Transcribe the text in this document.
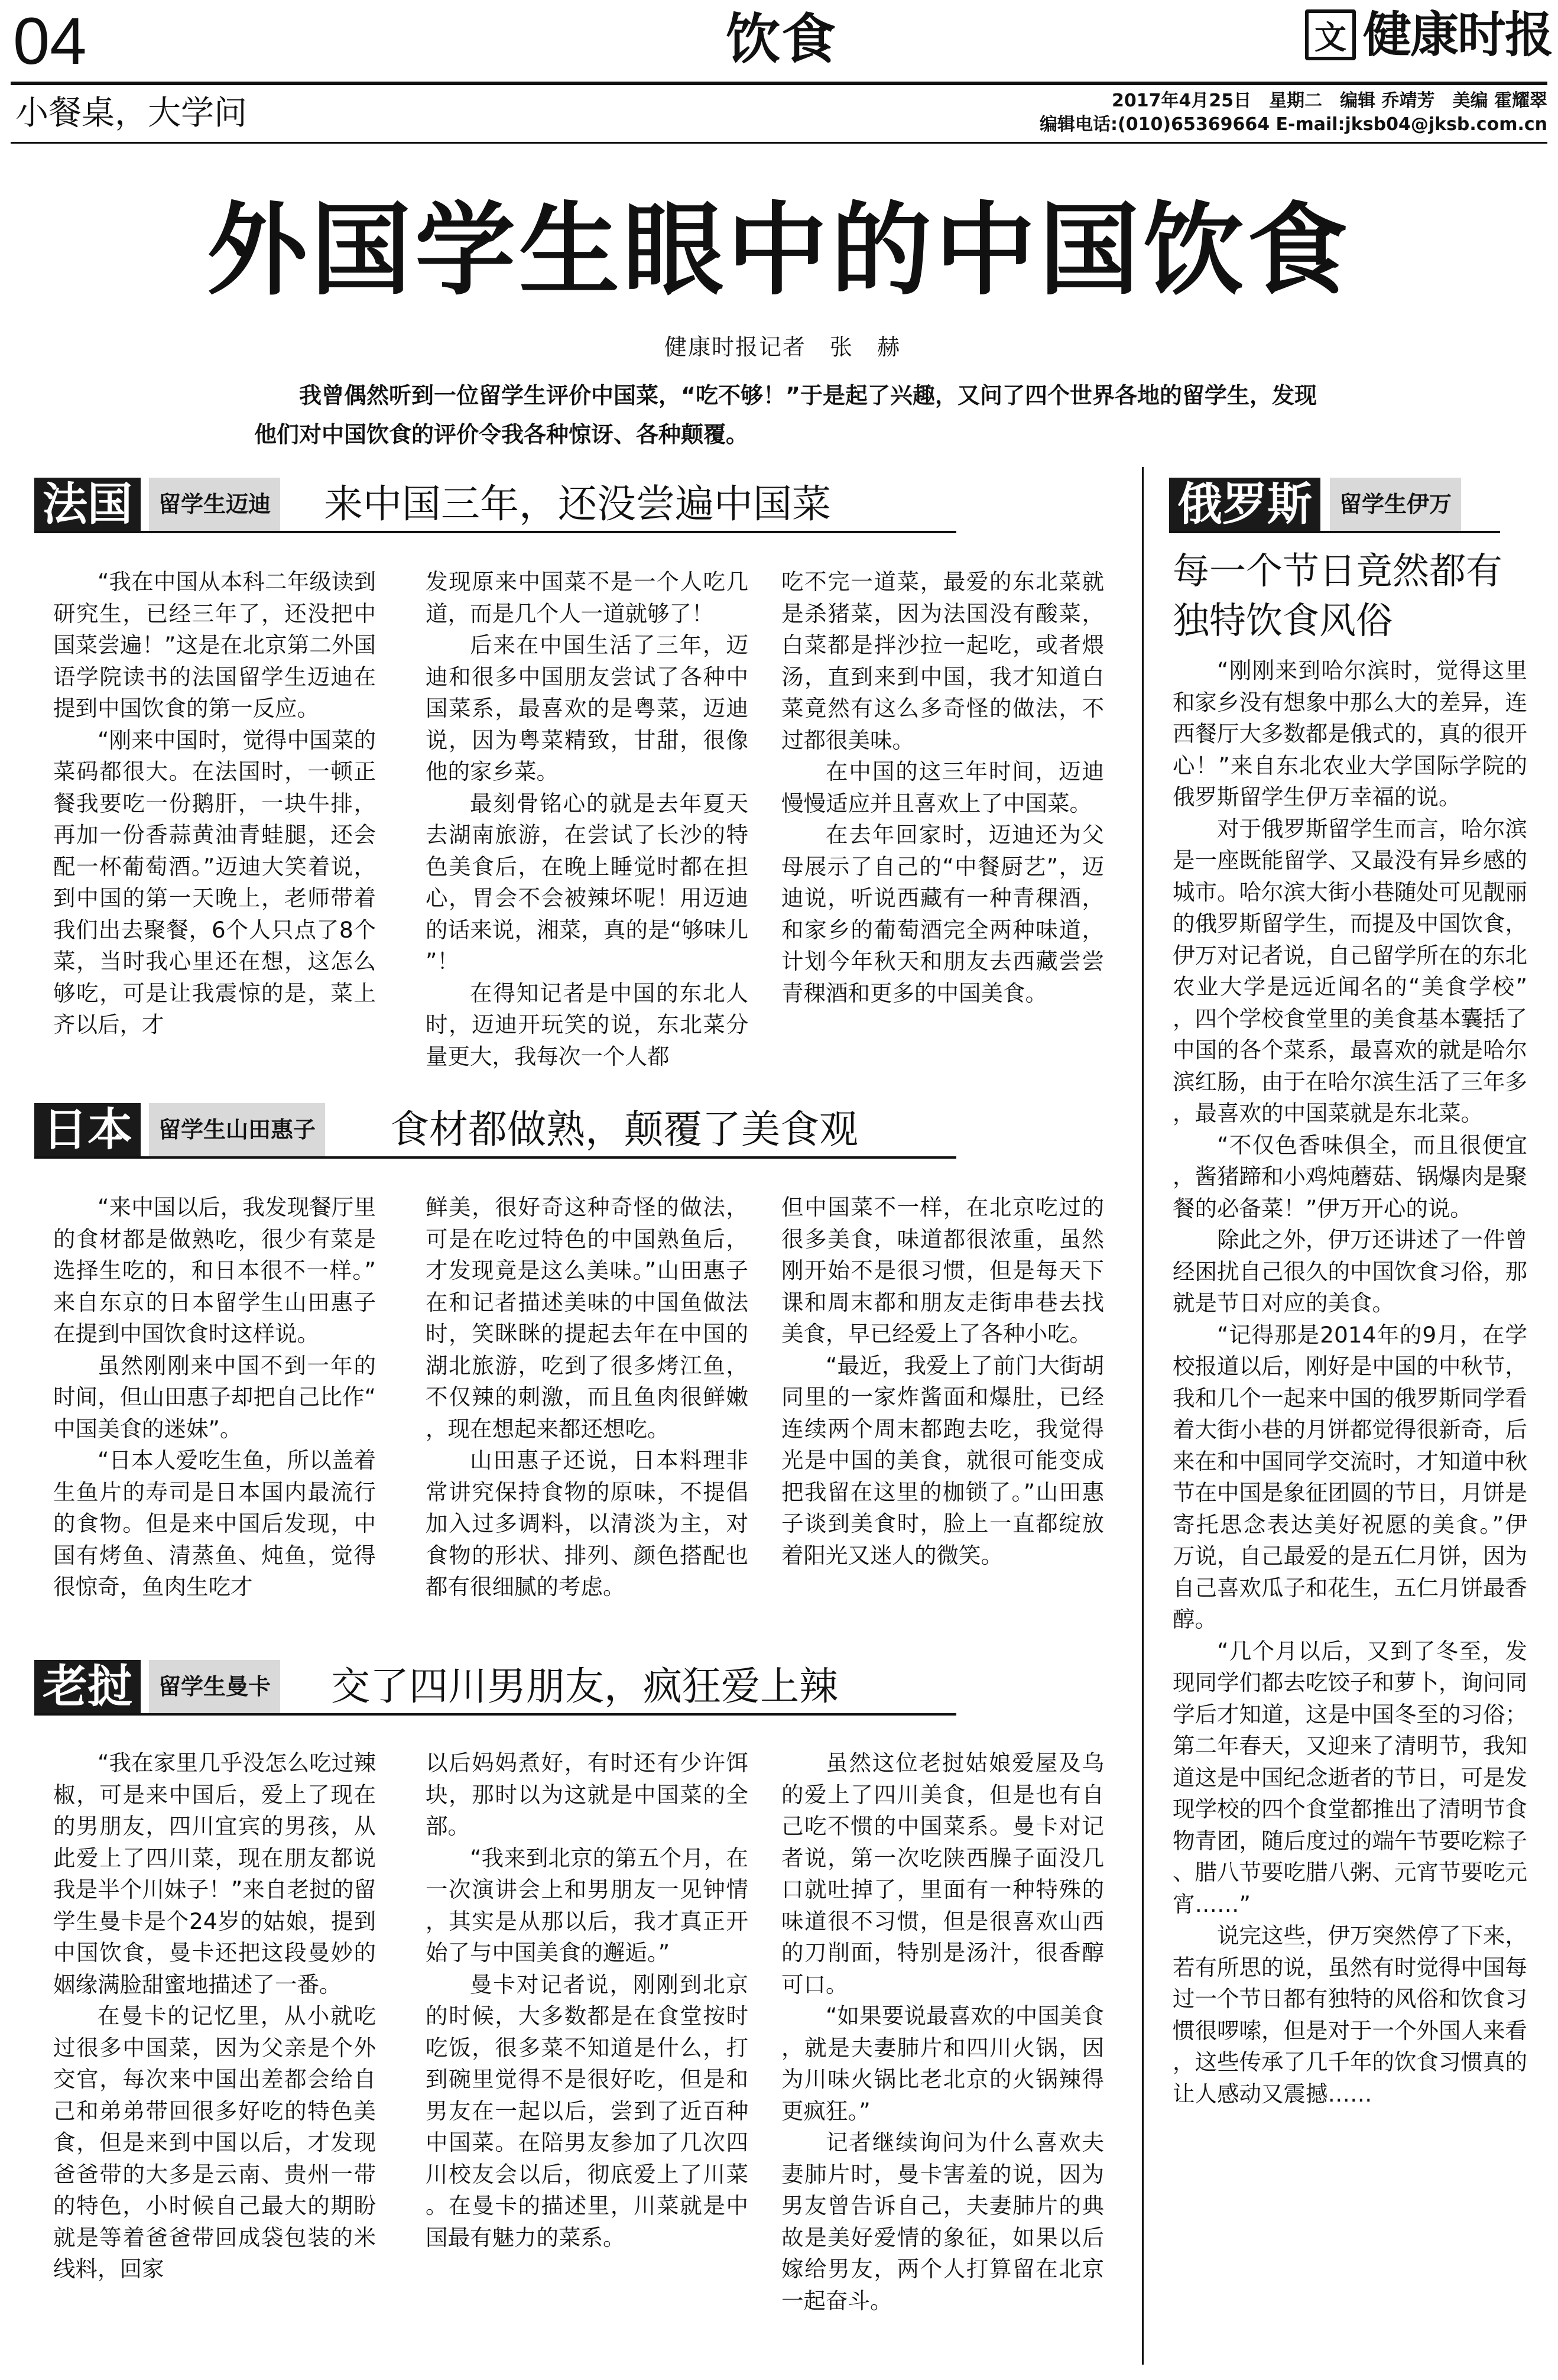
04	饮食	文 健康时报
小餐桌，大学问	2017年4月25日　星期二　编辑 乔靖芳　美编 霍耀翠
编辑电话:(010)65369664 E-mail:jksb04@jksb.com.cn
外国学生眼中的中国饮食
健康时报记者　张　赫
我曾偶然听到一位留学生评价中国菜，“吃不够！”于是起了兴趣，又问了四个世界各地的留学生，发现他们对中国饮食的评价令我各种惊讶、各种颠覆。
法国	留学生迈迪 来中国三年，还没尝遍中国菜

“我在中国从本科二年级读到研究生，已经三年了，还没把中国菜尝遍！”这是在北京第二外国语学院读书的法国留学生迈迪在提到中国饮食的第一反应。

“刚来中国时，觉得中国菜的菜码都很大。在法国时，一顿正餐我要吃一份鹅肝，一块牛排，再加一份香蒜黄油青蛙腿，还会配一杯葡萄酒。”迈迪大笑着说，到中国的第一天晚上，老师带着我们出去聚餐，6个人只点了8个菜，当时我心里还在想，这怎么够吃，可是让我震惊的是，菜上齐以后，才

发现原来中国菜不是一个人吃几道，而是几个人一道就够了！

后来在中国生活了三年，迈迪和很多中国朋友尝试了各种中国菜系，最喜欢的是粤菜，迈迪说，因为粤菜精致，甘甜，很像他的家乡菜。

最刻骨铭心的就是去年夏天去湖南旅游，在尝试了长沙的特色美食后，在晚上睡觉时都在担心，胃会不会被辣坏呢！用迈迪的话来说，湘菜，真的是“够味儿”！

在得知记者是中国的东北人时，迈迪开玩笑的说，东北菜分量更大，我每次一个人都

吃不完一道菜，最爱的东北菜就是杀猪菜，因为法国没有酸菜，白菜都是拌沙拉一起吃，或者煨汤，直到来到中国，我才知道白菜竟然有这么多奇怪的做法，不过都很美味。

在中国的这三年时间，迈迪慢慢适应并且喜欢上了中国菜。

在去年回家时，迈迪还为父母展示了自己的“中餐厨艺”，迈迪说，听说西藏有一种青稞酒，和家乡的葡萄酒完全两种味道，计划今年秋天和朋友去西藏尝尝青稞酒和更多的中国美食。

日本	留学生山田惠子 食材都做熟，颠覆了美食观

“来中国以后，我发现餐厅里的食材都是做熟吃，很少有菜是选择生吃的，和日本很不一样。”来自东京的日本留学生山田惠子在提到中国饮食时这样说。

虽然刚刚来中国不到一年的时间，但山田惠子却把自己比作“中国美食的迷妹”。

“日本人爱吃生鱼，所以盖着生鱼片的寿司是日本国内最流行的食物。但是来中国后发现，中国有烤鱼、清蒸鱼、炖鱼，觉得很惊奇，鱼肉生吃才

鲜美，很好奇这种奇怪的做法，可是在吃过特色的中国熟鱼后，才发现竟是这么美味。”山田惠子在和记者描述美味的中国鱼做法时，笑眯眯的提起去年在中国的湖北旅游，吃到了很多烤江鱼，不仅辣的刺激，而且鱼肉很鲜嫩，现在想起来都还想吃。

山田惠子还说，日本料理非常讲究保持食物的原味，不提倡加入过多调料，以清淡为主，对食物的形状、排列、颜色搭配也都有很细腻的考虑。

但中国菜不一样，在北京吃过的很多美食，味道都很浓重，虽然刚开始不是很习惯，但是每天下课和周末都和朋友走街串巷去找美食，早已经爱上了各种小吃。

“最近，我爱上了前门大街胡同里的一家炸酱面和爆肚，已经连续两个周末都跑去吃，我觉得光是中国的美食，就很可能变成把我留在这里的枷锁了。”山田惠子谈到美食时，脸上一直都绽放着阳光又迷人的微笑。

老挝	留学生曼卡 交了四川男朋友，疯狂爱上辣

“我在家里几乎没怎么吃过辣椒，可是来中国后，爱上了现在的男朋友，四川宜宾的男孩，从此爱上了四川菜，现在朋友都说我是半个川妹子！”来自老挝的留学生曼卡是个24岁的姑娘，提到中国饮食，曼卡还把这段曼妙的姻缘满脸甜蜜地描述了一番。

在曼卡的记忆里，从小就吃过很多中国菜，因为父亲是个外交官，每次来中国出差都会给自己和弟弟带回很多好吃的特色美食，但是来到中国以后，才发现爸爸带的大多是云南、贵州一带的特色，小时候自己最大的期盼就是等着爸爸带回成袋包装的米线料，回家

以后妈妈煮好，有时还有少许饵块，那时以为这就是中国菜的全部。

“我来到北京的第五个月，在一次演讲会上和男朋友一见钟情，其实是从那以后，我才真正开始了与中国美食的邂逅。”

曼卡对记者说，刚刚到北京的时候，大多数都是在食堂按时吃饭，很多菜不知道是什么，打到碗里觉得不是很好吃，但是和男友在一起以后，尝到了近百种中国菜。在陪男友参加了几次四川校友会以后，彻底爱上了川菜。在曼卡的描述里，川菜就是中国最有魅力的菜系。

虽然这位老挝姑娘爱屋及乌的爱上了四川美食，但是也有自己吃不惯的中国菜系。曼卡对记者说，第一次吃陕西臊子面没几口就吐掉了，里面有一种特殊的味道很不习惯，但是很喜欢山西的刀削面，特别是汤汁，很香醇可口。

“如果要说最喜欢的中国美食，就是夫妻肺片和四川火锅，因为川味火锅比老北京的火锅辣得更疯狂。”

记者继续询问为什么喜欢夫妻肺片时，曼卡害羞的说，因为男友曾告诉自己，夫妻肺片的典故是美好爱情的象征，如果以后嫁给男友，两个人打算留在北京一起奋斗。

俄罗斯	留学生伊万
每一个节日竟然都有独特饮食风俗

“刚刚来到哈尔滨时，觉得这里和家乡没有想象中那么大的差异，连西餐厅大多数都是俄式的，真的很开心！”来自东北农业大学国际学院的俄罗斯留学生伊万幸福的说。

对于俄罗斯留学生而言，哈尔滨是一座既能留学、又最没有异乡感的城市。哈尔滨大街小巷随处可见靓丽的俄罗斯留学生，而提及中国饮食，伊万对记者说，自己留学所在的东北农业大学是远近闻名的“美食学校”，四个学校食堂里的美食基本囊括了中国的各个菜系，最喜欢的就是哈尔滨红肠，由于在哈尔滨生活了三年多，最喜欢的中国菜就是东北菜。

“不仅色香味俱全，而且很便宜，酱猪蹄和小鸡炖蘑菇、锅爆肉是聚餐的必备菜！”伊万开心的说。

除此之外，伊万还讲述了一件曾经困扰自己很久的中国饮食习俗，那就是节日对应的美食。

“记得那是2014年的9月，在学校报道以后，刚好是中国的中秋节，我和几个一起来中国的俄罗斯同学看着大街小巷的月饼都觉得很新奇，后来在和中国同学交流时，才知道中秋节在中国是象征团圆的节日，月饼是寄托思念表达美好祝愿的美食。”伊万说，自己最爱的是五仁月饼，因为自己喜欢瓜子和花生，五仁月饼最香醇。

“几个月以后，又到了冬至，发现同学们都去吃饺子和萝卜，询问同学后才知道，这是中国冬至的习俗；第二年春天，又迎来了清明节，我知道这是中国纪念逝者的节日，可是发现学校的四个食堂都推出了清明节食物青团，随后度过的端午节要吃粽子、腊八节要吃腊八粥、元宵节要吃元宵……”

说完这些，伊万突然停了下来，若有所思的说，虽然有时觉得中国每过一个节日都有独特的风俗和饮食习惯很啰嗦，但是对于一个外国人来看，这些传承了几千年的饮食习惯真的让人感动又震撼……
